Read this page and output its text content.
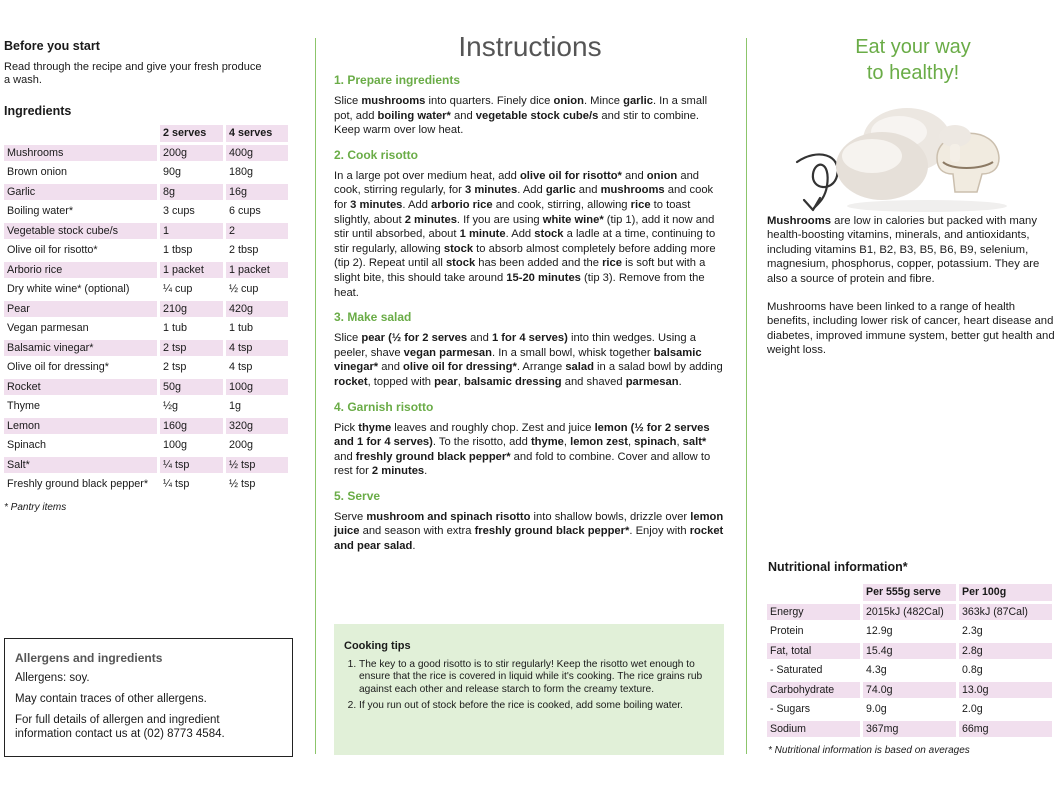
Before you start

Read through the recipe and give your fresh produce a wash.

Ingredients
	2 serves	4 serves
Mushrooms	200g	400g
Brown onion	90g	180g
Garlic	8g	16g
Boiling water*	3 cups	6 cups
Vegetable stock cube/s	1	2
Olive oil for risotto*	1 tbsp	2 tbsp
Arborio rice	1 packet	1 packet
Dry white wine* (optional)	¼ cup	½ cup
Pear	210g	420g
Vegan parmesan	1 tub	1 tub
Balsamic vinegar*	2 tsp	4 tsp
Olive oil for dressing*	2 tsp	4 tsp
Rocket	50g	100g
Thyme	½g	1g
Lemon	160g	320g
Spinach	100g	200g
Salt*	¼ tsp	½ tsp
Freshly ground black pepper*	¼ tsp	½ tsp

* Pantry items

Allergens and ingredients

Allergens: soy.

May contain traces of other allergens.

For full details of allergen and ingredient information contact us at (02) 8773 4584.

Instructions
1. Prepare ingredients

Slice mushrooms into quarters. Finely dice onion. Mince garlic. In a small pot, add boiling water* and vegetable stock cube/s and stir to combine. Keep warm over low heat.

2. Cook risotto

In a large pot over medium heat, add olive oil for risotto* and onion and cook, stirring regularly, for 3 minutes. Add garlic and mushrooms and cook for 3 minutes. Add arborio rice and cook, stirring, allowing rice to toast slightly, about 2 minutes. If you are using white wine* (tip 1), add it now and stir until absorbed, about 1 minute. Add stock a ladle at a time, continuing to stir regularly, allowing stock to absorb almost completely before adding more (tip 2). Repeat until all stock has been added and the rice is soft but with a slight bite, this should take around 15-20 minutes (tip 3). Remove from the heat.

3. Make salad

Slice pear (½ for 2 serves and 1 for 4 serves) into thin wedges. Using a peeler, shave vegan parmesan. In a small bowl, whisk together balsamic vinegar* and olive oil for dressing*. Arrange salad in a salad bowl by adding rocket, topped with pear, balsamic dressing and shaved parmesan.

4. Garnish risotto

Pick thyme leaves and roughly chop. Zest and juice lemon (½ for 2 serves and 1 for 4 serves). To the risotto, add thyme, lemon zest, spinach, salt* and freshly ground black pepper* and fold to combine. Cover and allow to rest for 2 minutes.

5. Serve

Serve mushroom and spinach risotto into shallow bowls, drizzle over lemon juice and season with extra freshly ground black pepper*. Enjoy with rocket and pear salad.

Cooking tips
1. The key to a good risotto is to stir regularly! Keep the risotto wet enough to ensure that the rice is covered in liquid while it's cooking. The rice grains rub against each other and release starch to form the creamy texture.
2. If you run out of stock before the rice is cooked, add some boiling water.
Eat your way
to healthy!

Mushrooms are low in calories but packed with many health-boosting vitamins, minerals, and antioxidants, including vitamins B1, B2, B3, B5, B6, B9, selenium, magnesium, phosphorus, copper, potassium. They are also a source of protein and fibre.

Mushrooms have been linked to a range of health benefits, including lower risk of cancer, heart disease and diabetes, improved immune system, better gut health and weight loss.

Nutritional information*
	Per 555g serve	Per 100g
Energy	2015kJ (482Cal)	363kJ (87Cal)
Protein	12.9g	2.3g
Fat, total	15.4g	2.8g
- Saturated	4.3g	0.8g
Carbohydrate	74.0g	13.0g
- Sugars	9.0g	2.0g
Sodium	367mg	66mg

* Nutritional information is based on averages
